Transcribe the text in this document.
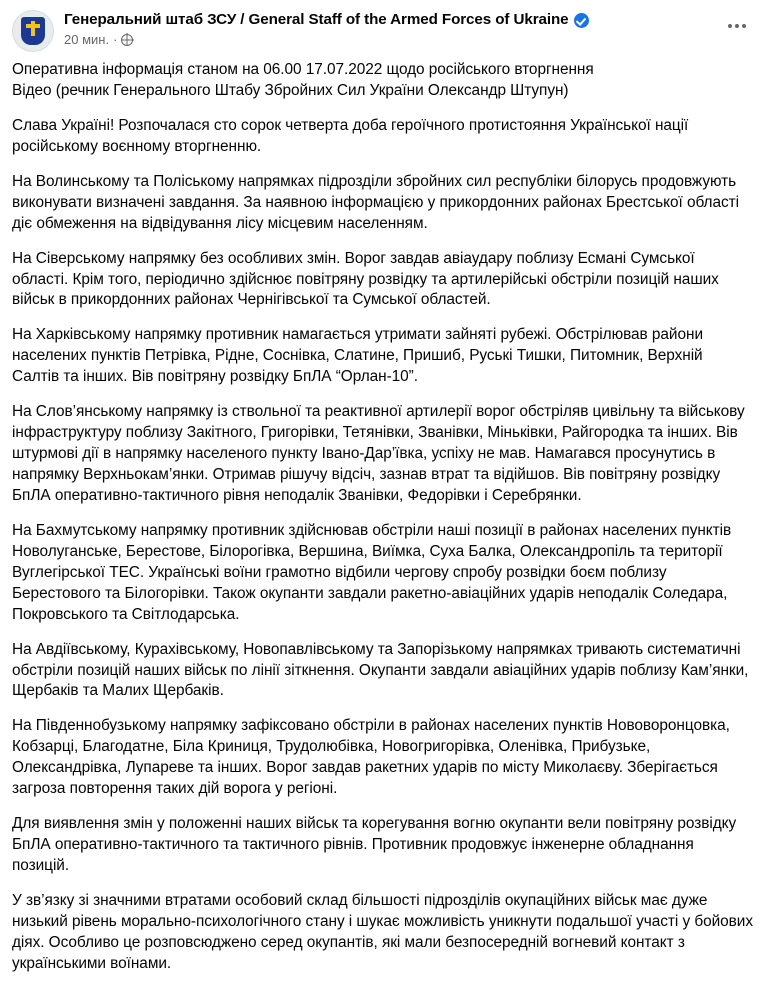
Генеральний штаб ЗСУ / General Staff of the Armed Forces of Ukraine
20 мин. ·

Оперативна інформація станом на 06.00 17.07.2022 щодо російського вторгнення

Відео (речник Генерального Штабу Збройних Сил України Олександр Штупун)

Слава Україні! Розпочалася сто сорок четверта доба героїчного протистояння Української нації російському воєнному вторгненню.

На Волинському та Поліському напрямках підрозділи збройних сил республіки білорусь продовжують виконувати визначені завдання. За наявною інформацією у прикордонних районах Брестської області діє обмеження на відвідування лісу місцевим населенням.

На Сіверському напрямку без особливих змін. Ворог завдав авіаудару поблизу Есмані Сумської області. Крім того, періодично здійснює повітряну розвідку та артилерійські обстріли позицій наших військ в прикордонних районах Чернігівської та Сумської областей.

На Харківському напрямку противник намагається утримати зайняті рубежі. Обстрілював райони населених пунктів Петрівка, Рідне, Соснівка, Слатине, Пришиб, Руські Тишки, Питомник, Верхній Салтів та інших. Вів повітряну розвідку БпЛА “Орлан-10”.

На Слов’янському напрямку із ствольної та реактивної артилерії ворог обстріляв цивільну та військову інфраструктуру поблизу Закітного, Григорівки, Тетянівки, Званівки, Міньківки, Райгородка та інших. Вів штурмові дії в напрямку населеного пункту Івано-Дар’ївка, успіху не мав. Намагався просунутись в напрямку Верхньокам’янки. Отримав рішучу відсіч, зазнав втрат та відійшов. Вів повітряну розвідку БпЛА оперативно-тактичного рівня неподалік Званівки, Федорівки і Серебрянки.

На Бахмутському напрямку противник здійснював обстріли наші позиції в районах населених пунктів Новолуганське, Берестове, Білорогівка, Вершина, Виїмка, Суха Балка, Олександропіль та території Вуглегірської ТЕС. Українські воїни грамотно відбили чергову спробу розвідки боєм поблизу Берестового та Білогорівки. Також окупанти завдали ракетно-авіаційних ударів неподалік Соледара, Покровського та Світлодарська.

На Авдіївському, Курахівському, Новопавлівському та Запорізькому напрямках тривають систематичні обстріли позицій наших військ по лінії зіткнення. Окупанти завдали авіаційних ударів поблизу Кам’янки, Щербаків та Малих Щербаків.

На Південнобузькому напрямку зафіксовано обстріли в районах населених пунктів Нововоронцовка, Кобзарці, Благодатне, Біла Криниця, Трудолюбівка, Новогригорівка, Оленівка, Прибузьке, Олександрівка, Лупареве та інших. Ворог завдав ракетних ударів по місту Миколаєву. Зберігається загроза повторення таких дій ворога у регіоні.

Для виявлення змін у положенні наших військ та корегування вогню окупанти вели повітряну розвідку БпЛА оперативно-тактичного та тактичного рівнів. Противник продовжує інженерне обладнання позицій.

У зв’язку зі значними втратами особовий склад більшості підрозділів окупаційних військ має дуже низький рівень морально-психологічного стану і шукає можливість уникнути подальшої участі у бойових діях. Особливо це розповсюджено серед окупантів, які мали безпосередній вогневий контакт з українськими воїнами.
